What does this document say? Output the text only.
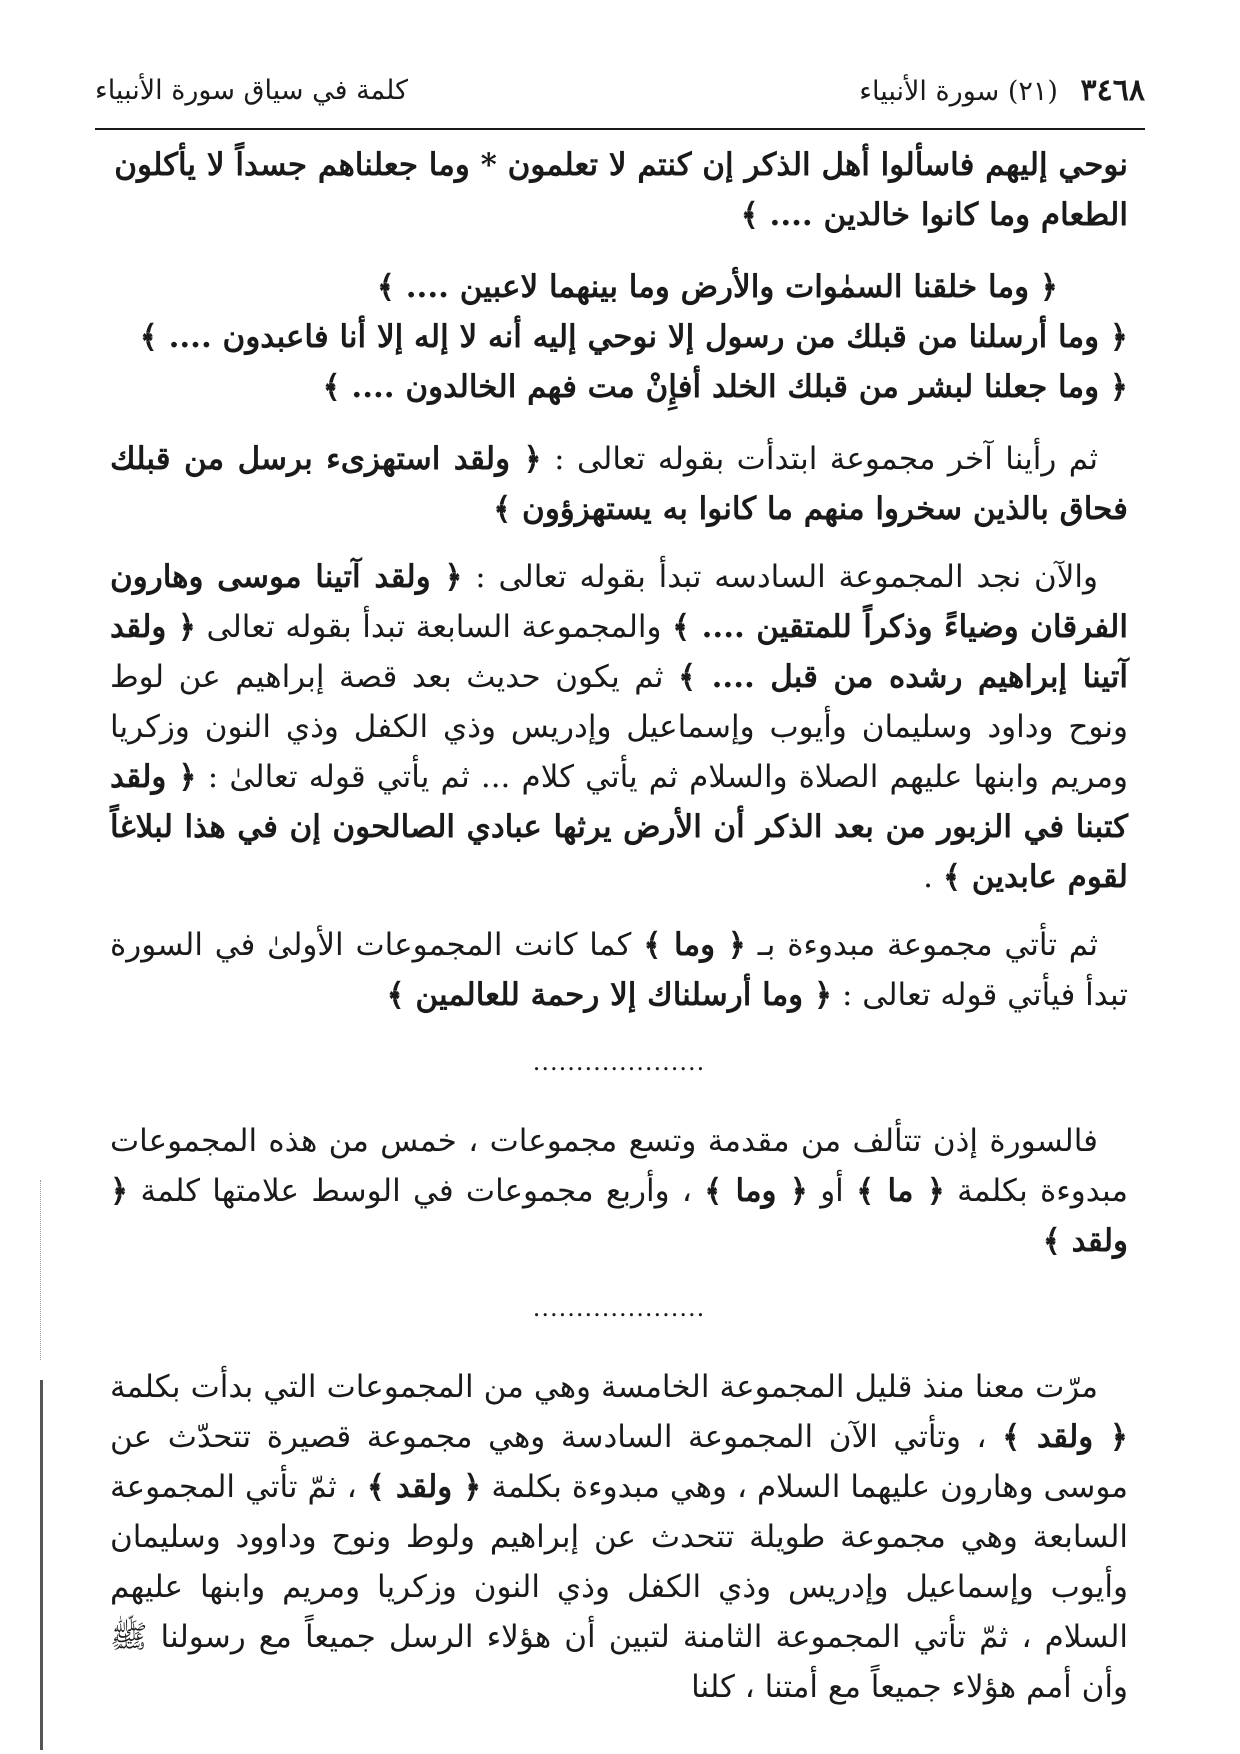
٣٤٦٨ (٢١) سورة الأنبياء
كلمة في سياق سورة الأنبياء

نوحي إليهم فاسألوا أهل الذكر إن كنتم لا تعلمون * وما جعلناهم جسداً لا يأكلون

الطعام وما كانوا خالدين .... ﴾

﴿ وما خلقنا السمٰوات والأرض وما بينهما لاعبين .... ﴾

﴿ وما أرسلنا من قبلك من رسول إلا نوحي إليه أنه لا إله إلا أنا فاعبدون .... ﴾

﴿ وما جعلنا لبشر من قبلك الخلد أفإِنْ مت فهم الخالدون .... ﴾

ثم رأينا آخر مجموعة ابتدأت بقوله تعالى : ﴿ ولقد استهزىء برسل من قبلك فحاق بالذين سخروا منهم ما كانوا به يستهزؤون ﴾

والآن نجد المجموعة السادسه تبدأ بقوله تعالى : ﴿ ولقد آتينا موسى وهارون الفرقان وضياءً وذكراً للمتقين .... ﴾ والمجموعة السابعة تبدأ بقوله تعالى ﴿ ولقد آتينا إبراهيم رشده من قبل .... ﴾ ثم يكون حديث بعد قصة إبراهيم عن لوط ونوح وداود وسليمان وأيوب وإسماعيل وإدريس وذي الكفل وذي النون وزكريا ومريم وابنها عليهم الصلاة والسلام ثم يأتي كلام ... ثم يأتي قوله تعالىٰ : ﴿ ولقد كتبنا في الزبور من بعد الذكر أن الأرض يرثها عبادي الصالحون إن في هذا لبلاغاً لقوم عابدين ﴾ .

ثم تأتي مجموعة مبدوءة بـ ﴿ وما ﴾ كما كانت المجموعات الأولىٰ في السورة تبدأ فيأتي قوله تعالى : ﴿ وما أرسلناك إلا رحمة للعالمين ﴾

....................

فالسورة إذن تتألف من مقدمة وتسع مجموعات ، خمس من هذه المجموعات مبدوءة بكلمة ﴿ ما ﴾ أو ﴿ وما ﴾ ، وأربع مجموعات في الوسط علامتها كلمة ﴿ ولقد ﴾

....................

مرّت معنا منذ قليل المجموعة الخامسة وهي من المجموعات التي بدأت بكلمة ﴿ ولقد ﴾ ، وتأتي الآن المجموعة السادسة وهي مجموعة قصيرة تتحدّث عن موسى وهارون عليهما السلام ، وهي مبدوءة بكلمة ﴿ ولقد ﴾ ، ثمّ تأتي المجموعة السابعة وهي مجموعة طويلة تتحدث عن إبراهيم ولوط ونوح وداوود وسليمان وأيوب وإسماعيل وإدريس وذي الكفل وذي النون وزكريا ومريم وابنها عليهم السلام ، ثمّ تأتي المجموعة الثامنة لتبين أن هؤلاء الرسل جميعاً مع رسولنا ﷺ وأن أمم هؤلاء جميعاً مع أمتنا ، كلنا
